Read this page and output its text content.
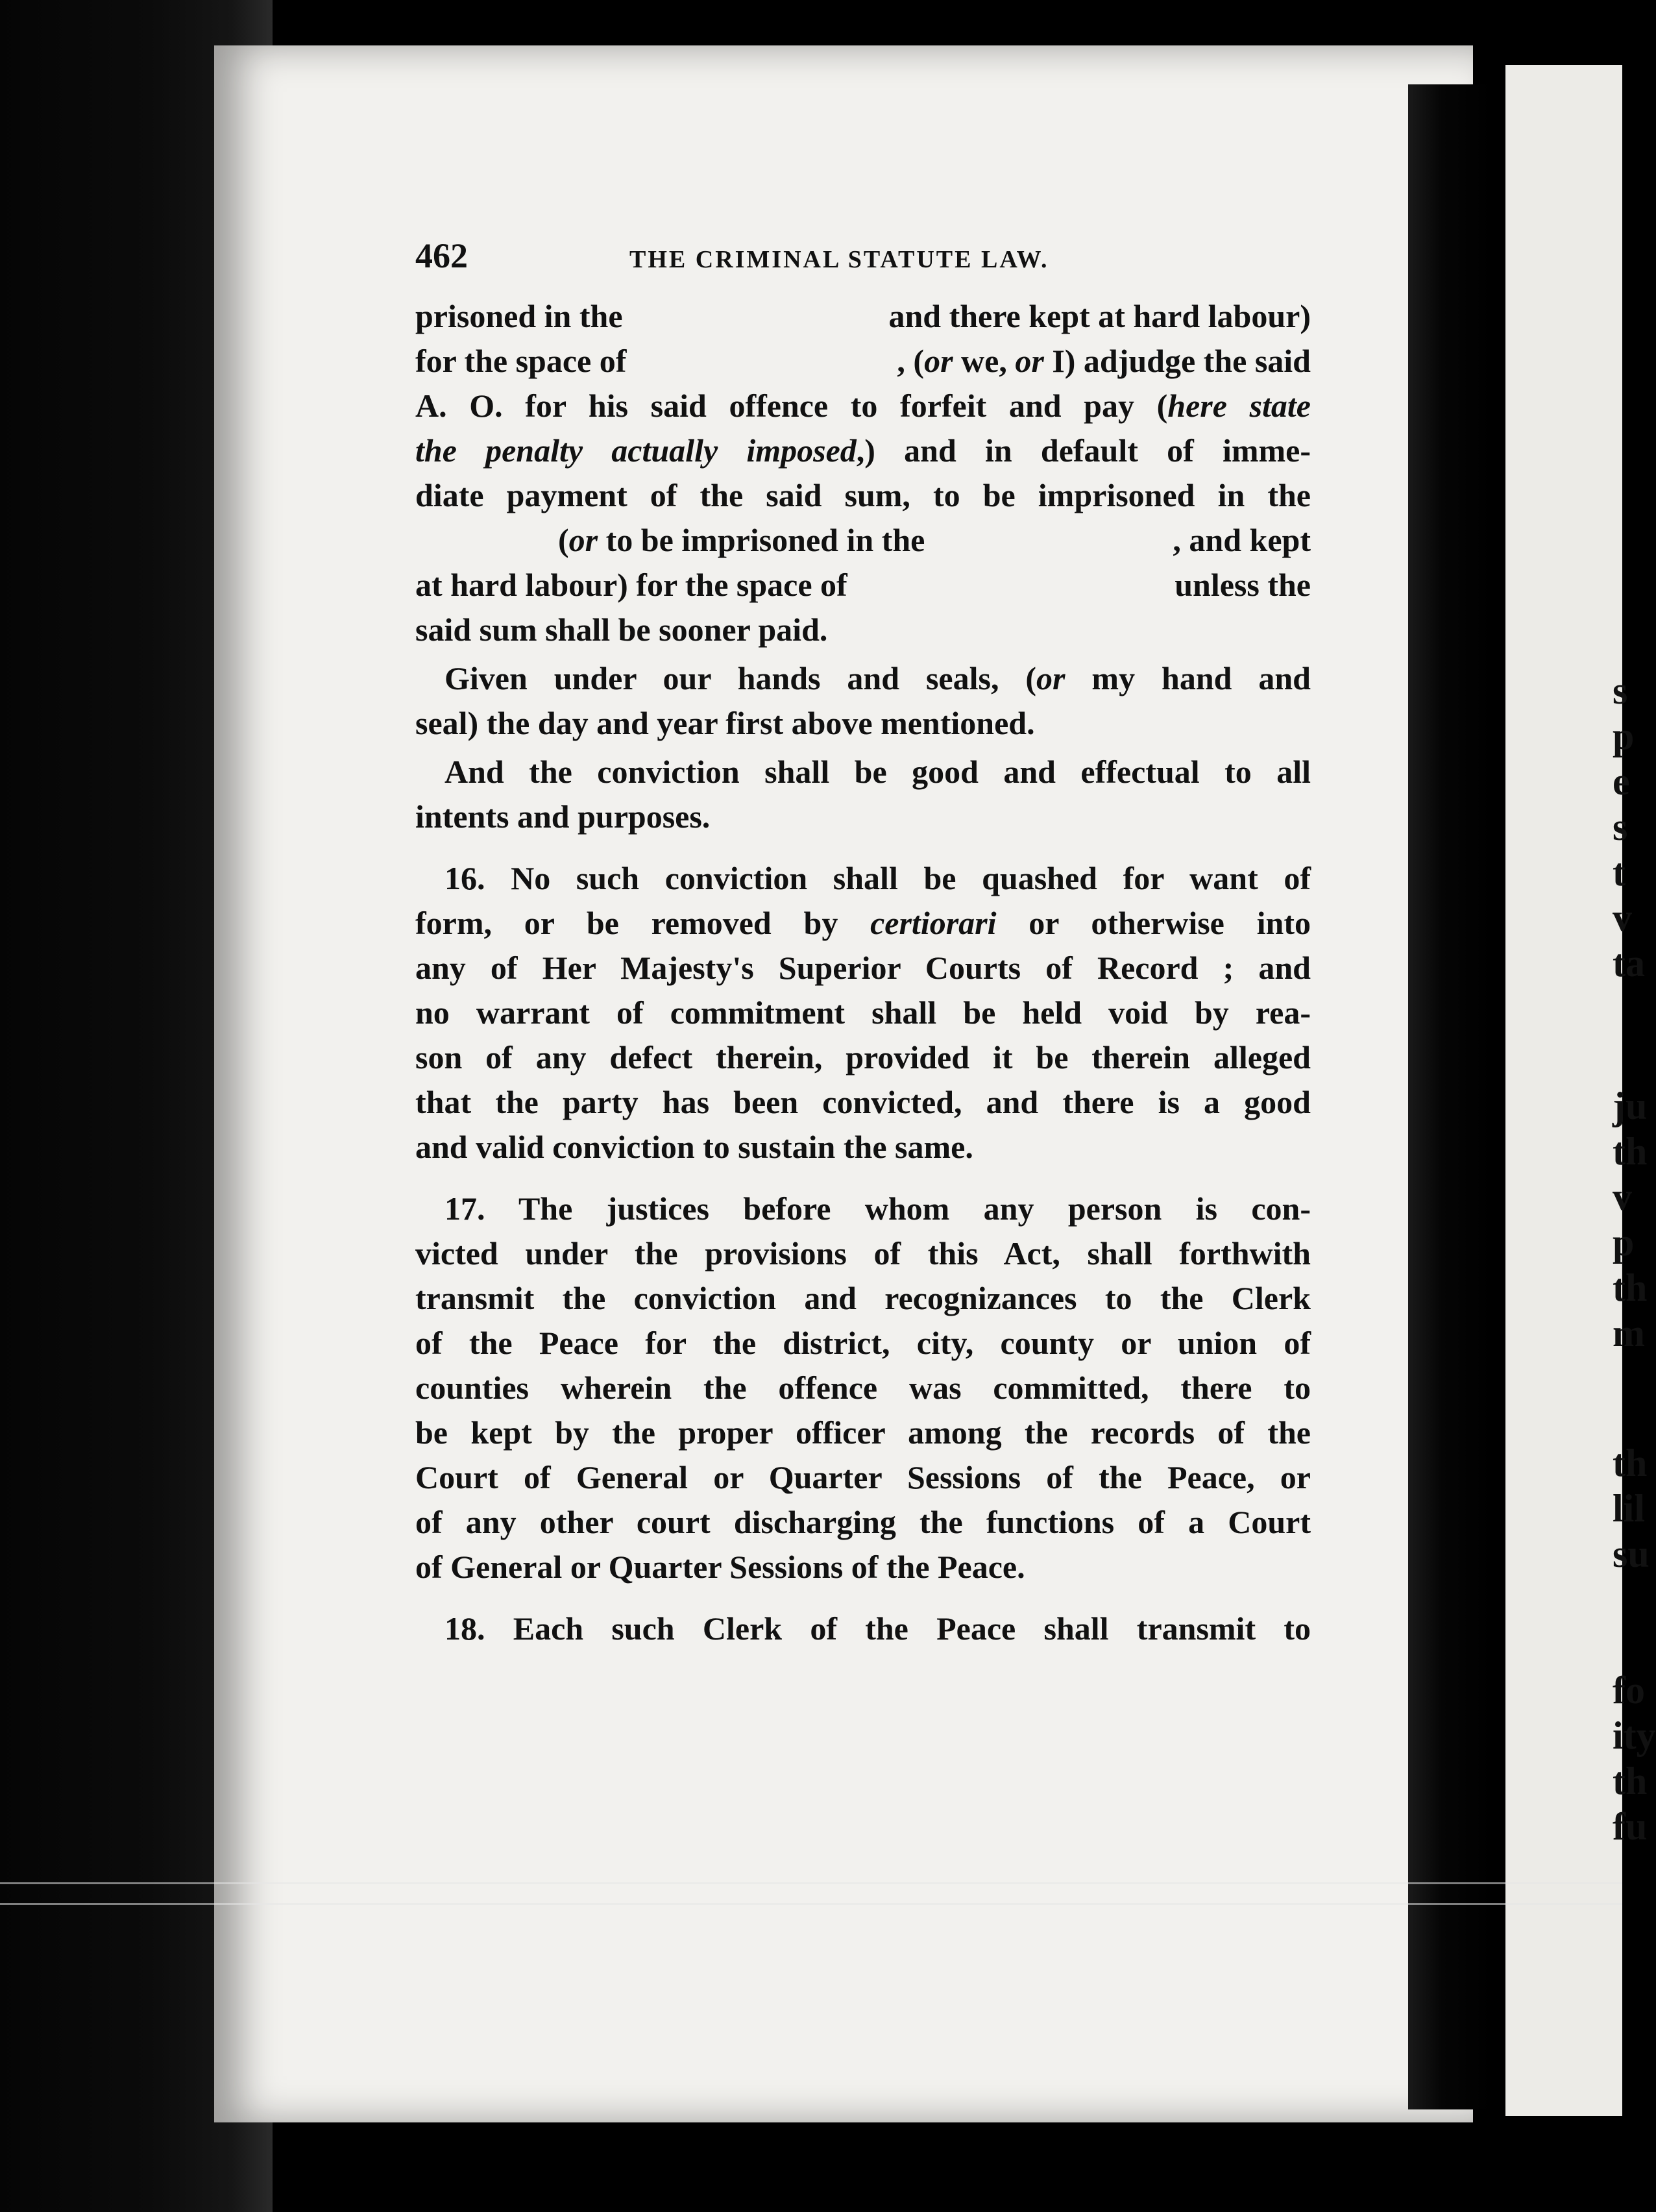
s
p
e
s
t
v
ta
ju
th
v
p
th
m
th
lil
su
fo
ity
th
fu
462	THE CRIMINAL STATUTE LAW.
prisoned in the	and there kept at hard labour)
for the space of	, (or we, or I) adjudge the said
A. O. for his said offence to forfeit and pay (here state
the penalty actually imposed,) and in default of imme-
diate payment of the said sum, to be imprisoned in the
(or to be imprisoned in the	, and kept
at hard labour) for the space of	unless the
said sum shall be sooner paid.
Given under our hands and seals, (or my hand and
seal) the day and year first above mentioned.
And the conviction shall be good and effectual to all
intents and purposes.
16. No such conviction shall be quashed for want of
form, or be removed by certiorari or otherwise into
any of Her Majesty's Superior Courts of Record ; and
no warrant of commitment shall be held void by rea-
son of any defect therein, provided it be therein alleged
that the party has been convicted, and there is a good
and valid conviction to sustain the same.
17. The justices before whom any person is con-
victed under the provisions of this Act, shall forthwith
transmit the conviction and recognizances to the Clerk
of the Peace for the district, city, county or union of
counties wherein the offence was committed, there to
be kept by the proper officer among the records of the
Court of General or Quarter Sessions of the Peace, or
of any other court discharging the functions of a Court
of General or Quarter Sessions of the Peace.
18. Each such Clerk of the Peace shall transmit to
